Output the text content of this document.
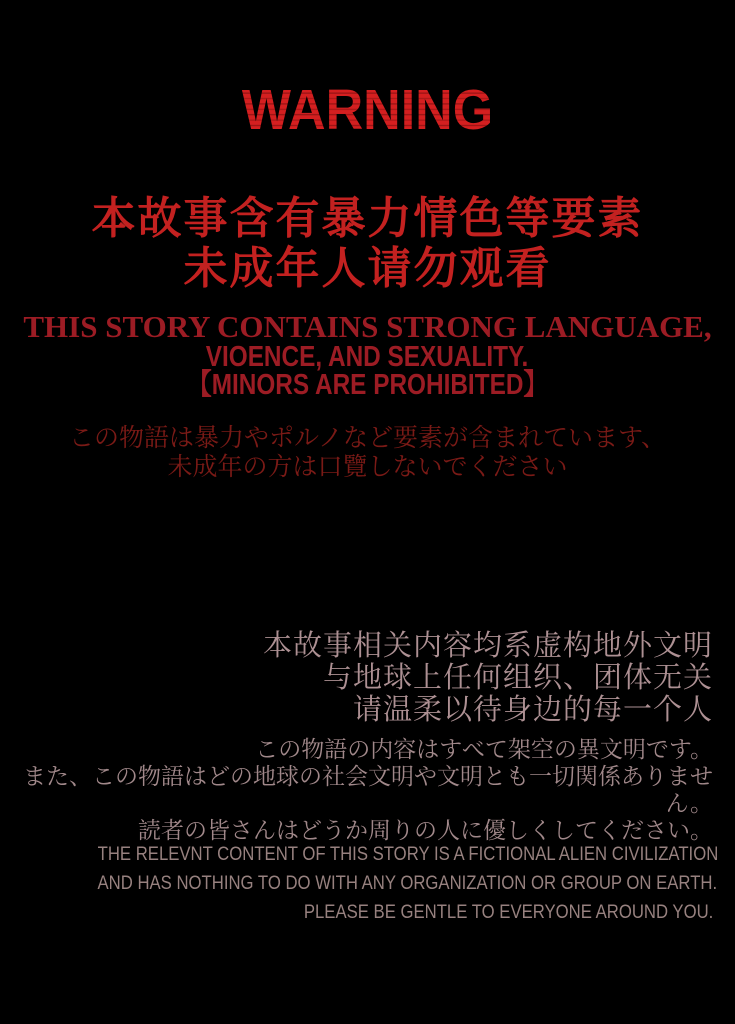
WARNING
本故事含有暴力情色等要素
未成年人请勿观看
THIS STORY CONTAINS STRONG LANGUAGE,
VIOENCE, AND SEXUALITY.
【MINORS ARE PROHIBITED】
この物語は暴力やポルノなど要素が含まれています、
未成年の方は口覽しないでください
本故事相关内容均系虚构地外文明
与地球上任何组织、团体无关
请温柔以待身边的每一个人
この物語の内容はすべて架空の異文明です。
また、この物語はどの地球の社会文明や文明とも一切関係ありません。
読者の皆さんはどうか周りの人に優しくしてください。
THE RELEVNT CONTENT OF THIS STORY IS A FICTIONAL ALIEN CIVILIZATION
AND HAS NOTHING TO DO WITH ANY ORGANIZATION OR GROUP ON EARTH.
PLEASE BE GENTLE TO EVERYONE AROUND YOU.
